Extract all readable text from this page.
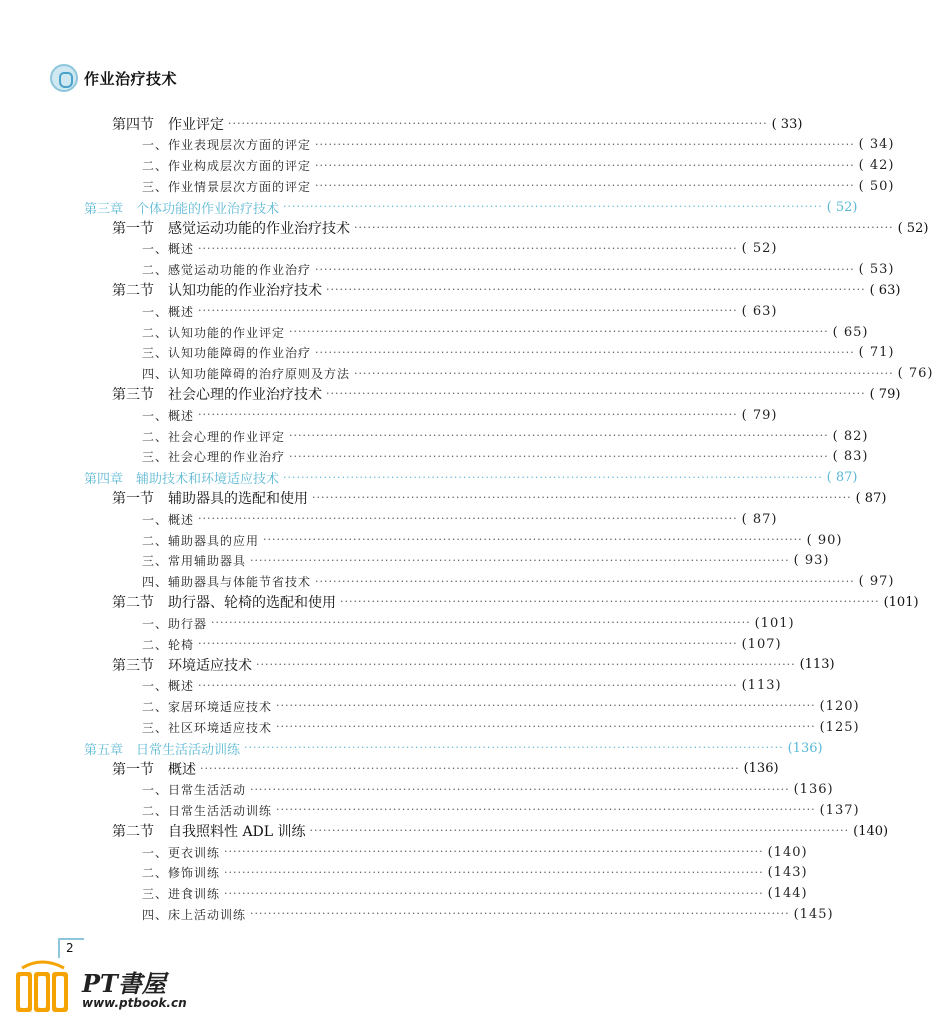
作业治疗技术
第四节　作业评定 ························································································································ ( 33)
一、作业表现层次方面的评定 ························································································································ ( 34)
二、作业构成层次方面的评定 ························································································································ ( 42)
三、作业情景层次方面的评定 ························································································································ ( 50)
第三章　个体功能的作业治疗技术 ························································································································ ( 52)
第一节　感觉运动功能的作业治疗技术 ························································································································ ( 52)
一、概述 ························································································································ ( 52)
二、感觉运动功能的作业治疗 ························································································································ ( 53)
第二节　认知功能的作业治疗技术 ························································································································ ( 63)
一、概述 ························································································································ ( 63)
二、认知功能的作业评定 ························································································································ ( 65)
三、认知功能障碍的作业治疗 ························································································································ ( 71)
四、认知功能障碍的治疗原则及方法 ························································································································ ( 76)
第三节　社会心理的作业治疗技术 ························································································································ ( 79)
一、概述 ························································································································ ( 79)
二、社会心理的作业评定 ························································································································ ( 82)
三、社会心理的作业治疗 ························································································································ ( 83)
第四章　辅助技术和环境适应技术 ························································································································ ( 87)
第一节　辅助器具的选配和使用 ························································································································ ( 87)
一、概述 ························································································································ ( 87)
二、辅助器具的应用 ························································································································ ( 90)
三、常用辅助器具 ························································································································ ( 93)
四、辅助器具与体能节省技术 ························································································································ ( 97)
第二节　助行器、轮椅的选配和使用 ························································································································ (101)
一、助行器 ························································································································ (101)
二、轮椅 ························································································································ (107)
第三节　环境适应技术 ························································································································ (113)
一、概述 ························································································································ (113)
二、家居环境适应技术 ························································································································ (120)
三、社区环境适应技术 ························································································································ (125)
第五章　日常生活活动训练 ························································································································ (136)
第一节　概述 ························································································································ (136)
一、日常生活活动 ························································································································ (136)
二、日常生活活动训练 ························································································································ (137)
第二节　自我照料性 ADL 训练 ························································································································ (140)
一、更衣训练 ························································································································ (140)
二、修饰训练 ························································································································ (143)
三、进食训练 ························································································································ (144)
四、床上活动训练 ························································································································ (145)
2
PT書屋
www.ptbook.cn
